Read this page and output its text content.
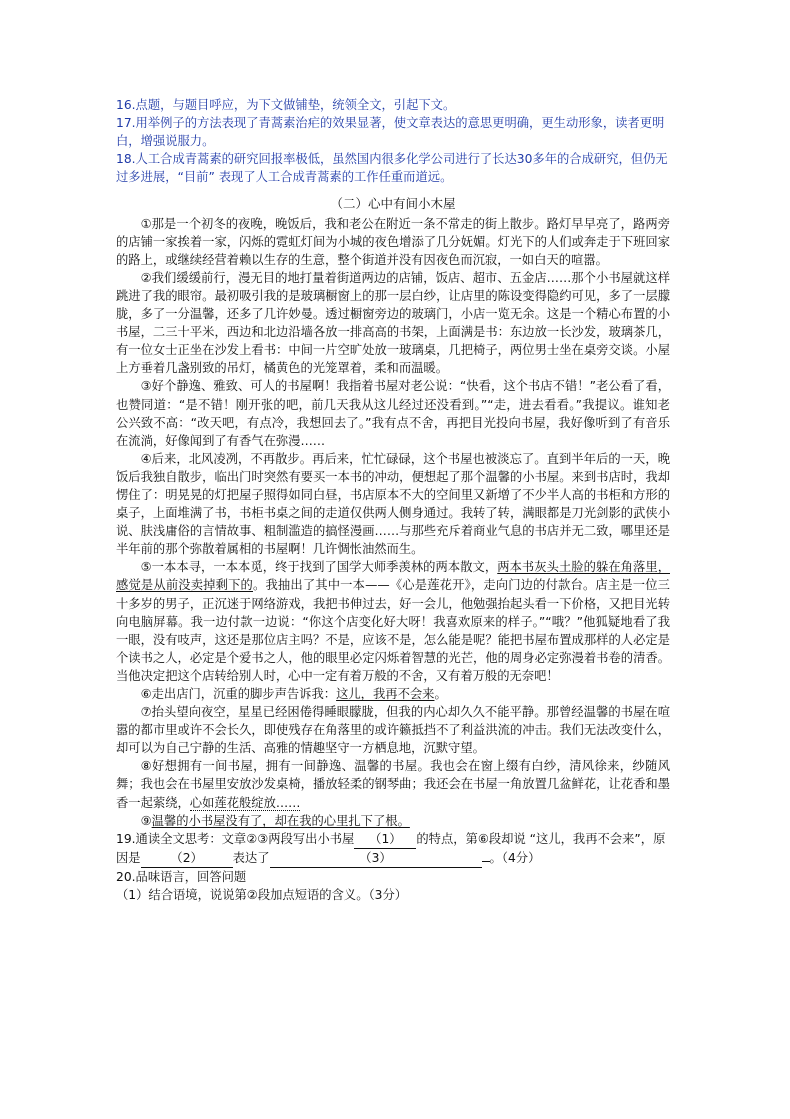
16.点题，与题目呼应，为下文做铺垫，统领全文，引起下文。

17.用举例子的方法表现了青蒿素治疟的效果显著，使文章表达的意思更明确，更生动形象，读者更明白，增强说服力。

18.人工合成青蒿素的研究回报率极低，虽然国内很多化学公司进行了长达30多年的合成研究，但仍无过多进展，“目前” 表现了人工合成青蒿素的工作任重而道远。

（二）心中有间小木屋

①那是一个初冬的夜晚，晚饭后，我和老公在附近一条不常走的街上散步。路灯早早亮了，路两旁的店铺一家挨着一家，闪烁的霓虹灯间为小城的夜色增添了几分妩媚。灯光下的人们或奔走于下班回家的路上，或继续经营着赖以生存的生意，整个街道并没有因夜色而沉寂，一如白天的喧嚣。

②我们缓缓前行，漫无目的地打量着街道两边的店铺，饭店、超市、五金店……那个小书屋就这样跳进了我的眼帘。最初吸引我的是玻璃橱窗上的那一层白纱，让店里的陈设变得隐约可见，多了一层朦胧，多了一分温馨，还多了几许妙曼。透过橱窗旁边的玻璃门，小店一览无余。这是一个精心布置的小书屋，二三十平米，西边和北边沿墙各放一排高高的书架，上面满是书：东边放一长沙发，玻璃茶几，有一位女士正坐在沙发上看书：中间一片空旷处放一玻璃桌，几把椅子，两位男士坐在桌旁交谈。小屋上方垂着几盏别致的吊灯，橘黄色的光笼罩着，柔和而温暖。

③好个静逸、雅致、可人的书屋啊！我指着书屋对老公说：“快看，这个书店不错！”老公看了看，也赞同道：“是不错！刚开张的吧，前几天我从这儿经过还没看到。”“走，进去看看。”我提议。谁知老公兴致不高：“改天吧，有点冷，我想回去了。”我有点不舍，再把目光投向书屋，我好像听到了有音乐在流淌，好像闻到了有香气在弥漫……

④后来，北风凌冽，不再散步。再后来，忙忙碌碌，这个书屋也被淡忘了。直到半年后的一天，晚饭后我独自散步，临出门时突然有要买一本书的冲动，便想起了那个温馨的小书屋。来到书店时，我却愣住了：明晃晃的灯把屋子照得如同白昼，书店原本不大的空间里又新增了不少半人高的书柜和方形的桌子，上面堆满了书，书柜书桌之间的走道仅供两人侧身通过。我转了转，满眼都是刀光剑影的武侠小说、肤浅庸俗的言情故事、粗制滥造的搞怪漫画……与那些充斥着商业气息的书店并无二致，哪里还是半年前的那个弥散着属相的书屋啊！几许惆怅油然而生。

⑤一本本寻，一本本觅，终于找到了国学大师季羡林的两本散文，两本书灰头土脸的躲在角落里，感觉是从前没卖掉剩下的。我抽出了其中一本——《心是莲花开》，走向门边的付款台。店主是一位三十多岁的男子，正沉迷于网络游戏，我把书伸过去，好一会儿，他勉强抬起头看一下价格，又把目光转向电脑屏幕。我一边付款一边说：“你这个店变化好大呀！我喜欢原来的样子。”“哦？”他狐疑地看了我一眼，没有吱声，这还是那位店主吗？不是，应该不是，怎么能是呢？能把书屋布置成那样的人必定是个读书之人，必定是个爱书之人，他的眼里必定闪烁着智慧的光芒，他的周身必定弥漫着书卷的清香。当他决定把这个店转给别人时，心中一定有着万般的不舍，又有着万般的无奈吧！

⑥走出店门，沉重的脚步声告诉我：这儿，我再不会来。

⑦抬头望向夜空，星星已经困倦得睡眼朦胧，但我的内心却久久不能平静。那曾经温馨的书屋在喧嚣的都市里或许不会长久，即使残存在角落里的或许籁抵挡不了利益洪流的冲击。我们无法改变什么，却可以为自己宁静的生活、高雅的情趣坚守一方栖息地，沉默守望。

⑧好想拥有一间书屋，拥有一间静逸、温馨的书屋。我也会在窗上缀有白纱，清风徐来，纱随风舞；我也会在书屋里安放沙发桌椅，播放轻柔的钢琴曲；我还会在书屋一角放置几盆鲜花，让花香和墨香一起萦绕，心如莲花般绽放……

⑨温馨的小书屋没有了，却在我的心里扎下了根。

19.通读全文思考：文章②③两段写出小书屋 （1） 的特点，第⑥段却说 “这儿，我再不会来”，原因是 （2） 表达了	（3）	。（4分）

20.品味语言，回答问题

（1）结合语境，说说第②段加点短语的含义。（3分）
